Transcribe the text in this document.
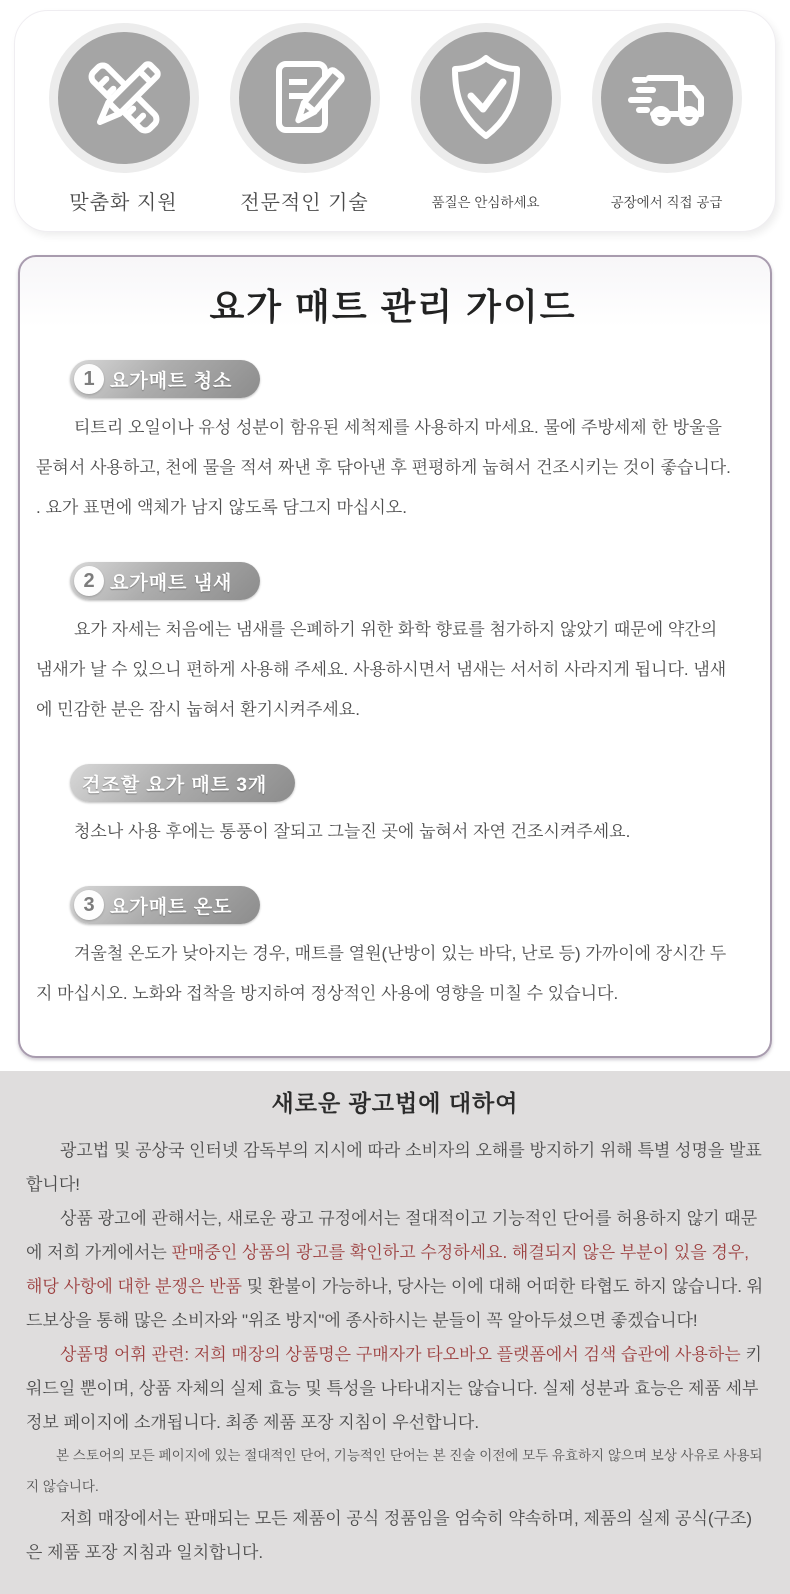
맞춤화 지원	전문적인 기술	품질은 안심하세요	공장에서 직접 공급
요가 매트 관리 가이드
1 요가매트 청소

티트리 오일이나 유성 성분이 함유된 세척제를 사용하지 마세요. 물에 주방세제 한 방울을 묻혀서 사용하고, 천에 물을 적셔 짜낸 후 닦아낸 후 편평하게 눕혀서 건조시키는 것이 좋습니다. . 요가 표면에 액체가 남지 않도록 담그지 마십시오.

2 요가매트 냄새

요가 자세는 처음에는 냄새를 은폐하기 위한 화학 향료를 첨가하지 않았기 때문에 약간의 냄새가 날 수 있으니 편하게 사용해 주세요. 사용하시면서 냄새는 서서히 사라지게 됩니다. 냄새에 민감한 분은 잠시 눕혀서 환기시켜주세요.

건조할 요가 매트 3개

청소나 사용 후에는 통풍이 잘되고 그늘진 곳에 눕혀서 자연 건조시켜주세요.

3 요가매트 온도

겨울철 온도가 낮아지는 경우, 매트를 열원(난방이 있는 바닥, 난로 등) 가까이에 장시간 두지 마십시오. 노화와 접착을 방지하여 정상적인 사용에 영향을 미칠 수 있습니다.

새로운 광고법에 대하여

광고법 및 공상국 인터넷 감독부의 지시에 따라 소비자의 오해를 방지하기 위해 특별 성명을 발표합니다!

상품 광고에 관해서는, 새로운 광고 규정에서는 절대적이고 기능적인 단어를 허용하지 않기 때문에 저희 가게에서는 판매중인 상품의 광고를 확인하고 수정하세요. 해결되지 않은 부분이 있을 경우, 해당 사항에 대한 분쟁은 반품 및 환불이 가능하나, 당사는 이에 대해 어떠한 타협도 하지 않습니다. 워드보상을 통해 많은 소비자와 "위조 방지"에 종사하시는 분들이 꼭 알아두셨으면 좋겠습니다!

상품명 어휘 관련: 저희 매장의 상품명은 구매자가 타오바오 플랫폼에서 검색 습관에 사용하는 키워드일 뿐이며, 상품 자체의 실제 효능 및 특성을 나타내지는 않습니다. 실제 성분과 효능은 제품 세부 정보 페이지에 소개됩니다. 최종 제품 포장 지침이 우선합니다.

본 스토어의 모든 페이지에 있는 절대적인 단어, 기능적인 단어는 본 진술 이전에 모두 유효하지 않으며 보상 사유로 사용되지 않습니다.

저희 매장에서는 판매되는 모든 제품이 공식 정품임을 엄숙히 약속하며, 제품의 실제 공식(구조)은 제품 포장 지침과 일치합니다.
